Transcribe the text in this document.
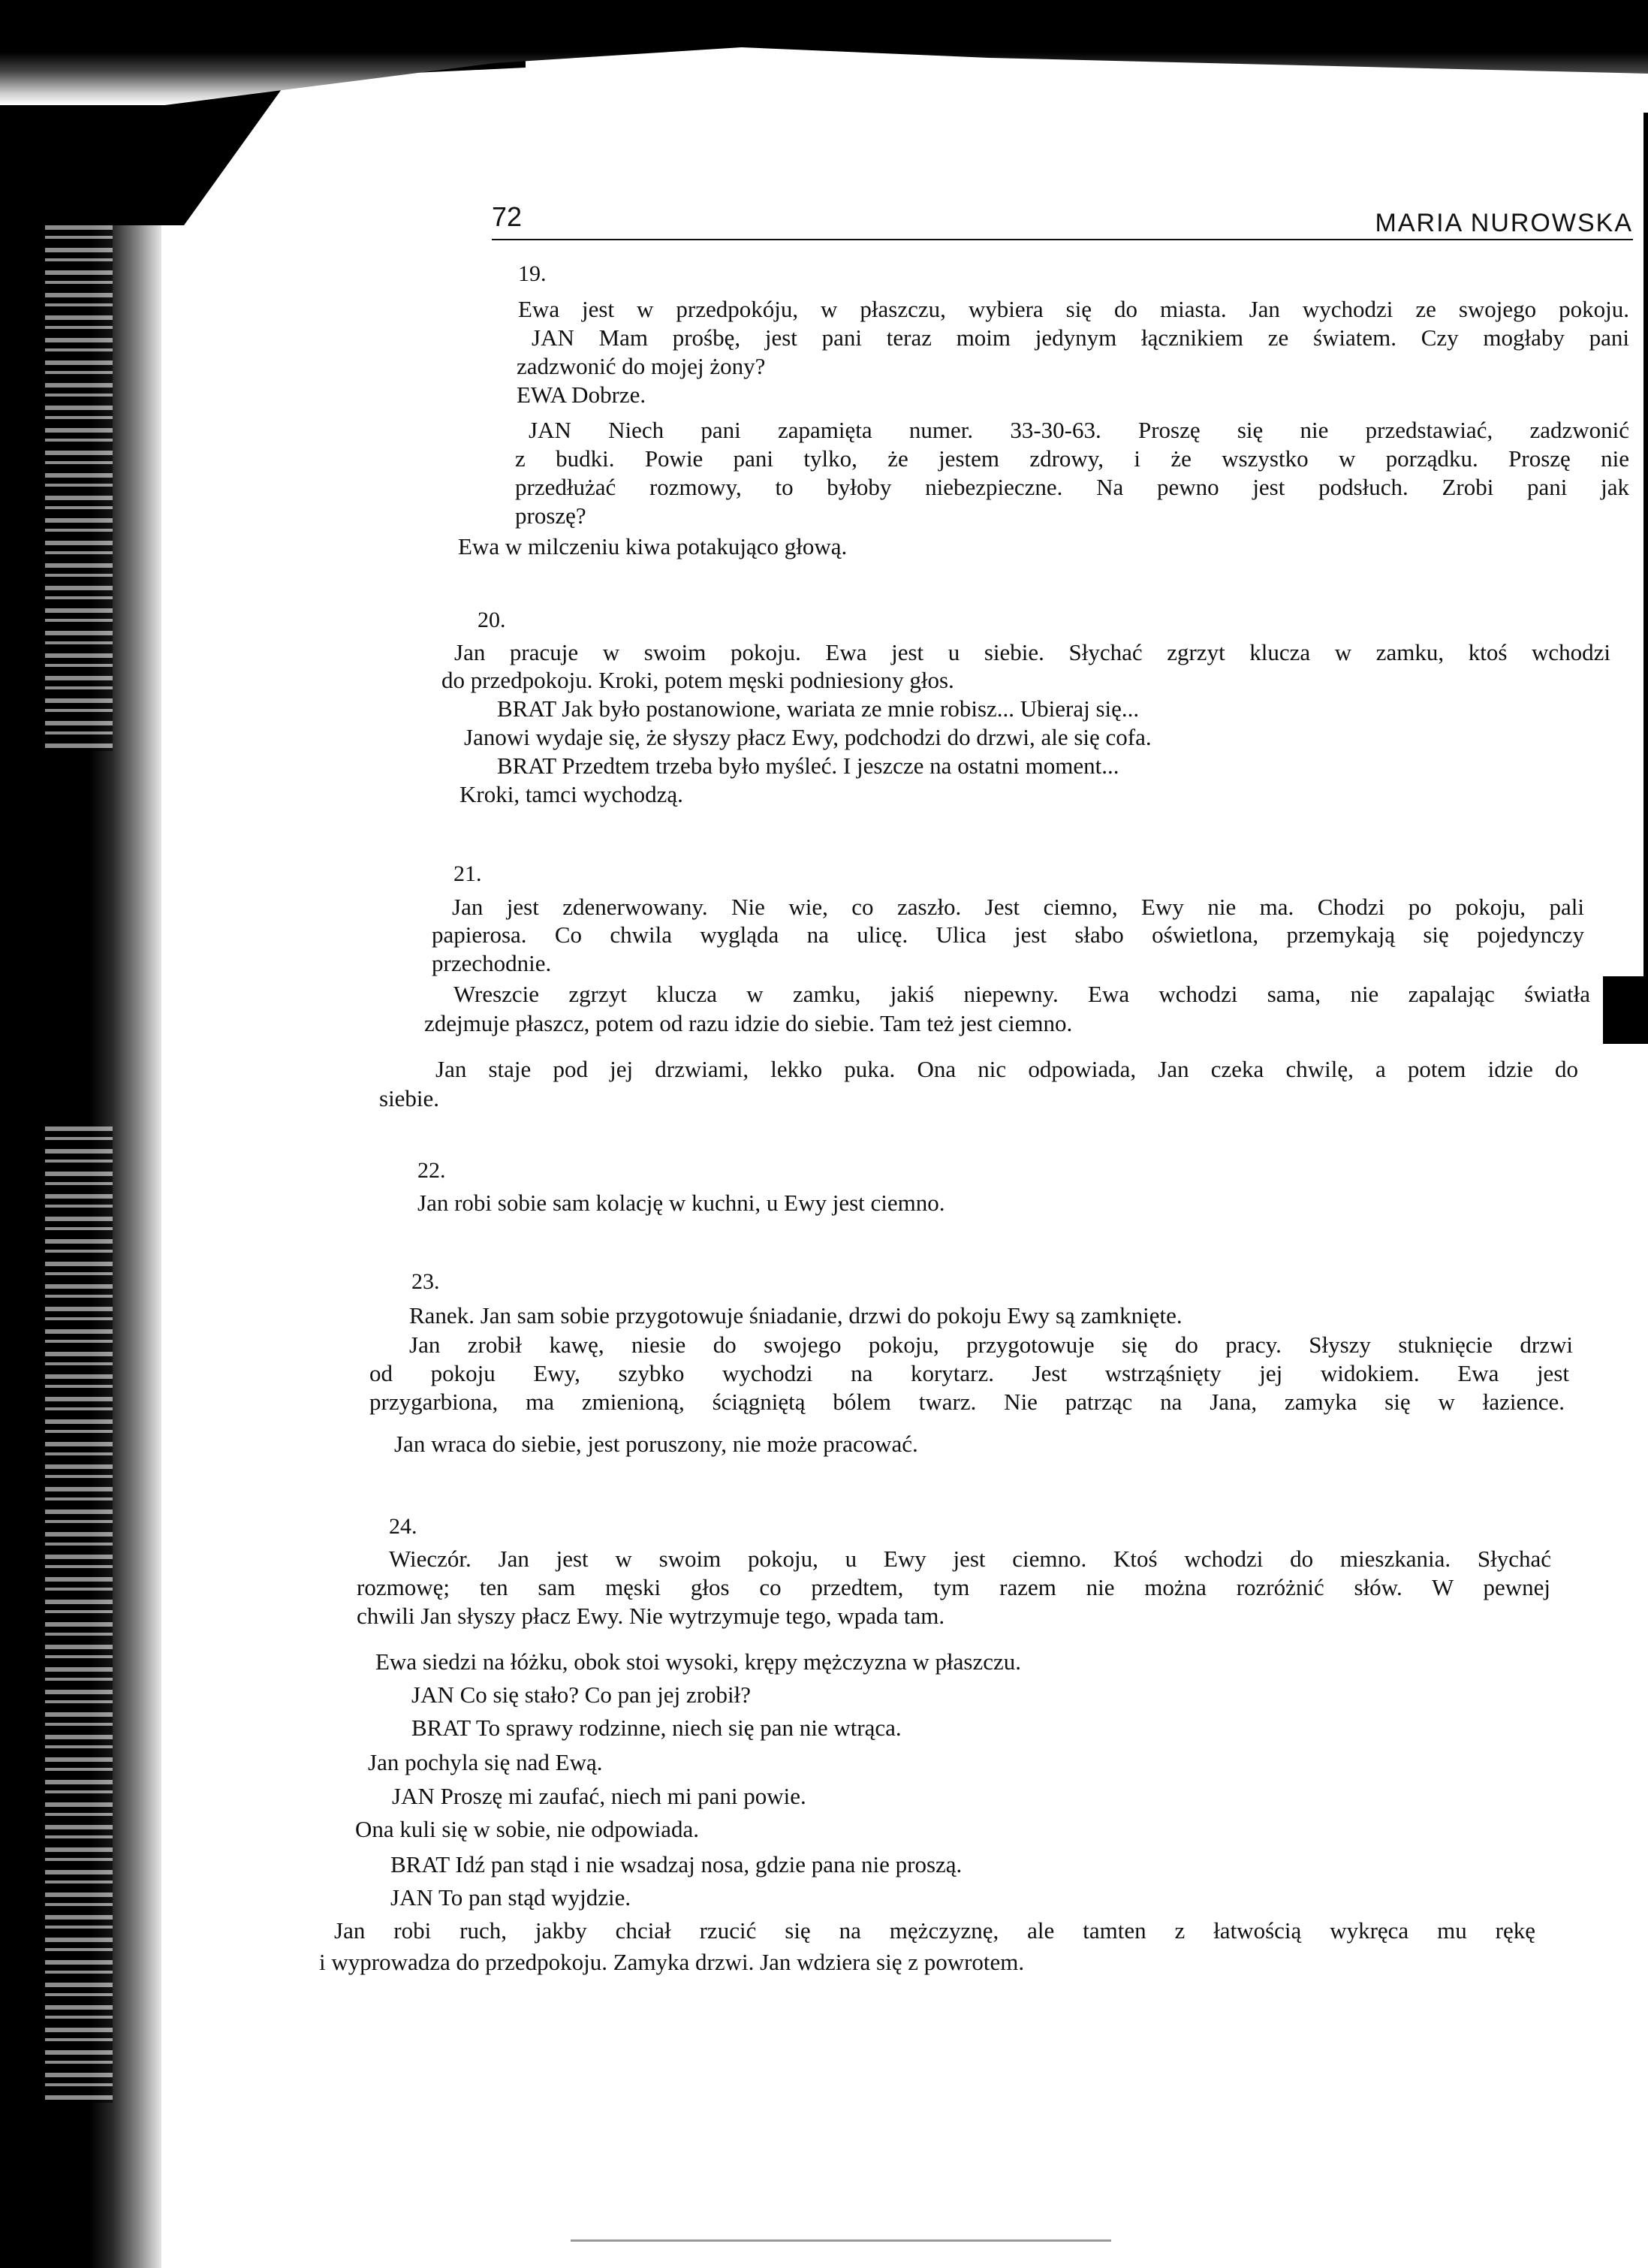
72	MARIA NUROWSKA
19.
Ewa jest w przedpokóju, w płaszczu, wybiera się do miasta. Jan wychodzi ze swojego pokoju.
JAN Mam prośbę, jest pani teraz moim jedynym łącznikiem ze światem. Czy mogłaby pani
zadzwonić do mojej żony?
EWA Dobrze.
JAN Niech pani zapamięta numer. 33-30-63. Proszę się nie przedstawiać, zadzwonić
z budki. Powie pani tylko, że jestem zdrowy, i że wszystko w porządku. Proszę nie
przedłużać rozmowy, to byłoby niebezpieczne. Na pewno jest podsłuch. Zrobi pani jak
proszę?
Ewa w milczeniu kiwa potakująco głową.
20.
Jan pracuje w swoim pokoju. Ewa jest u siebie. Słychać zgrzyt klucza w zamku, ktoś wchodzi
do przedpokoju. Kroki, potem męski podniesiony głos.
BRAT Jak było postanowione, wariata ze mnie robisz... Ubieraj się...
Janowi wydaje się, że słyszy płacz Ewy, podchodzi do drzwi, ale się cofa.
BRAT Przedtem trzeba było myśleć. I jeszcze na ostatni moment...
Kroki, tamci wychodzą.
21.
Jan jest zdenerwowany. Nie wie, co zaszło. Jest ciemno, Ewy nie ma. Chodzi po pokoju, pali
papierosa. Co chwila wygląda na ulicę. Ulica jest słabo oświetlona, przemykają się pojedynczy
przechodnie.
Wreszcie zgrzyt klucza w zamku, jakiś niepewny. Ewa wchodzi sama, nie zapalając światła
zdejmuje płaszcz, potem od razu idzie do siebie. Tam też jest ciemno.
Jan staje pod jej drzwiami, lekko puka. Ona nic odpowiada, Jan czeka chwilę, a potem idzie do
siebie.
22.
Jan robi sobie sam kolację w kuchni, u Ewy jest ciemno.
23.
Ranek. Jan sam sobie przygotowuje śniadanie, drzwi do pokoju Ewy są zamknięte.
Jan zrobił kawę, niesie do swojego pokoju, przygotowuje się do pracy. Słyszy stuknięcie drzwi
od pokoju Ewy, szybko wychodzi na korytarz. Jest wstrząśnięty jej widokiem. Ewa jest
przygarbiona, ma zmienioną, ściągniętą bólem twarz. Nie patrząc na Jana, zamyka się w łazience.
Jan wraca do siebie, jest poruszony, nie może pracować.
24.
Wieczór. Jan jest w swoim pokoju, u Ewy jest ciemno. Ktoś wchodzi do mieszkania. Słychać
rozmowę; ten sam męski głos co przedtem, tym razem nie można rozróżnić słów. W pewnej
chwili Jan słyszy płacz Ewy. Nie wytrzymuje tego, wpada tam.
Ewa siedzi na łóżku, obok stoi wysoki, krępy mężczyzna w płaszczu.
JAN Co się stało? Co pan jej zrobił?
BRAT To sprawy rodzinne, niech się pan nie wtrąca.
Jan pochyla się nad Ewą.
JAN Proszę mi zaufać, niech mi pani powie.
Ona kuli się w sobie, nie odpowiada.
BRAT Idź pan stąd i nie wsadzaj nosa, gdzie pana nie proszą.
JAN To pan stąd wyjdzie.
Jan robi ruch, jakby chciał rzucić się na mężczyznę, ale tamten z łatwością wykręca mu rękę
i wyprowadza do przedpokoju. Zamyka drzwi. Jan wdziera się z powrotem.
